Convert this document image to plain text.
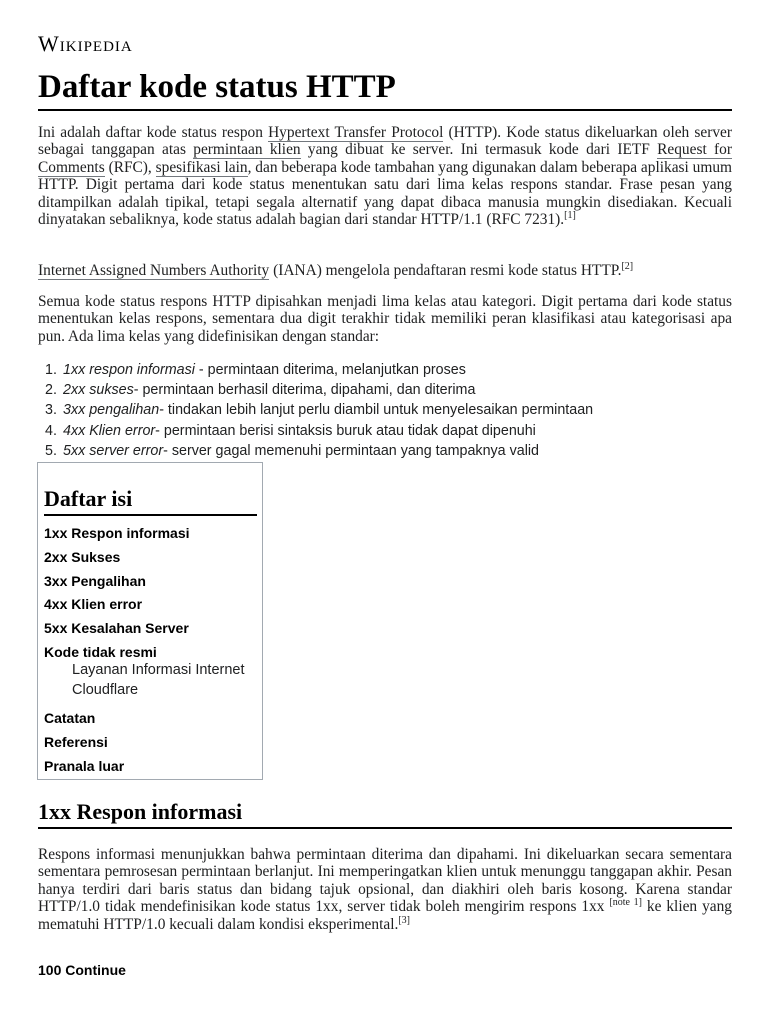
Wikipedia
Daftar kode status HTTP

Ini adalah daftar kode status respon Hypertext Transfer Protocol (HTTP). Kode status dikeluarkan oleh server sebagai tanggapan atas permintaan klien yang dibuat ke server. Ini termasuk kode dari IETF Request for Comments (RFC), spesifikasi lain, dan beberapa kode tambahan yang digunakan dalam beberapa aplikasi umum HTTP. Digit pertama dari kode status menentukan satu dari lima kelas respons standar. Frase pesan yang ditampilkan adalah tipikal, tetapi segala alternatif yang dapat dibaca manusia mungkin disediakan. Kecuali dinyatakan sebaliknya, kode status adalah bagian dari standar HTTP/1.1 (RFC 7231).[1]

Internet Assigned Numbers Authority (IANA) mengelola pendaftaran resmi kode status HTTP.[2]

Semua kode status respons HTTP dipisahkan menjadi lima kelas atau kategori. Digit pertama dari kode status menentukan kelas respons, sementara dua digit terakhir tidak memiliki peran klasifikasi atau kategorisasi apa pun. Ada lima kelas yang didefinisikan dengan standar:

1. 1xx respon informasi - permintaan diterima, melanjutkan proses
2. 2xx sukses- permintaan berhasil diterima, dipahami, dan diterima
3. 3xx pengalihan- tindakan lebih lanjut perlu diambil untuk menyelesaikan permintaan
4. 4xx Klien error- permintaan berisi sintaksis buruk atau tidak dapat dipenuhi
5. 5xx server error- server gagal memenuhi permintaan yang tampaknya valid
Daftar isi
1xx Respon informasi
2xx Sukses
3xx Pengalihan
4xx Klien error
5xx Kesalahan Server
Kode tidak resmi
Layanan Informasi Internet
Cloudflare
Catatan
Referensi
Pranala luar
1xx Respon informasi

Respons informasi menunjukkan bahwa permintaan diterima dan dipahami. Ini dikeluarkan secara sementara sementara pemrosesan permintaan berlanjut. Ini memperingatkan klien untuk menunggu tanggapan akhir. Pesan hanya terdiri dari baris status dan bidang tajuk opsional, dan diakhiri oleh baris kosong. Karena standar HTTP/1.0 tidak mendefinisikan kode status 1xx, server tidak boleh mengirim respons 1xx [note 1] ke klien yang mematuhi HTTP/1.0 kecuali dalam kondisi eksperimental.[3]

100 Continue
